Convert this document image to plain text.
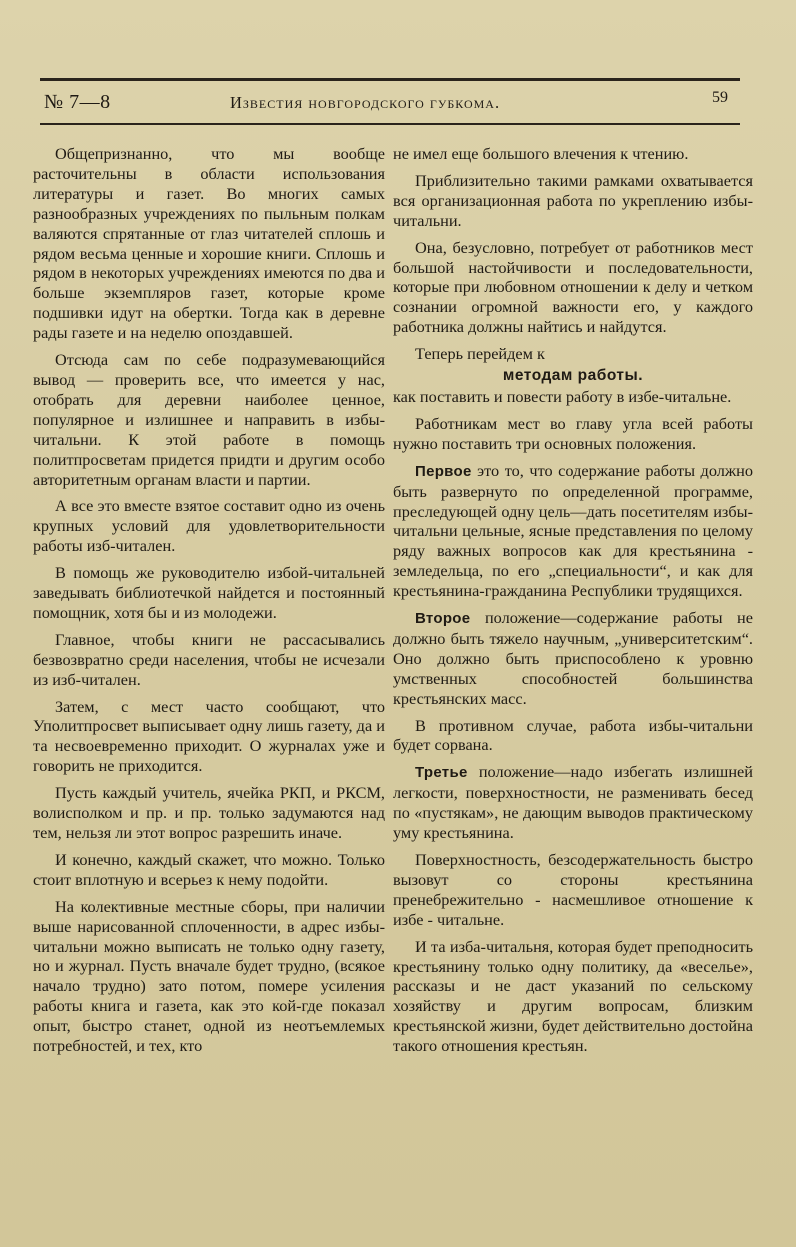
№ 7—8	Известия новгородского губкома.	59

Общепризнанно, что мы вообще расточительны в области использования литературы и газет. Во многих самых разнообразных учреждениях по пыльным полкам валяются спрятанные от глаз читателей сплошь и рядом весьма ценные и хорошие книги. Сплошь и рядом в некоторых учреждениях имеются по два и больше экземпляров газет, которые кроме подшивки идут на обертки. Тогда как в деревне рады газете и на неделю опоздавшей.

Отсюда сам по себе подразумевающийся вывод — проверить все, что имеется у нас, отобрать для деревни наиболее ценное, популярное и излишнее и направить в избы-читальни. К этой работе в помощь политпросветам придется придти и другим особо авторитетным органам власти и партии.

А все это вместе взятое составит одно из очень крупных условий для удовлетворительности работы изб-читален.

В помощь же руководителю избой-читальней заведывать библиотечкой найдется и постоянный помощник, хотя бы и из молодежи.

Главное, чтобы книги не рассасывались безвозвратно среди населения, чтобы не исчезали из изб-читален.

Затем, с мест часто сообщают, что Уполитпросвет выписывает одну лишь газету, да и та несвоевременно приходит. О журналах уже и говорить не приходится.

Пусть каждый учитель, ячейка РКП, и РКСМ, волисполком и пр. и пр. только задумаются над тем, нельзя ли этот вопрос разрешить иначе.

И конечно, каждый скажет, что можно. Только стоит вплотную и всерьез к нему подойти.

На колективные местные сборы, при наличии выше нарисованной сплоченности, в адрес избы-читальни можно выписать не только одну газету, но и журнал. Пусть вначале будет трудно, (всякое начало трудно) зато потом, помере усиления работы книга и газета, как это кой-где показал опыт, быстро станет, одной из неотъемлемых потребностей, и тех, кто

не имел еще большого влечения к чтению.

Приблизительно такими рамками охватывается вся организационная работа по укреплению избы-читальни.

Она, безусловно, потребует от работников мест большой настойчивости и последовательности, которые при любовном отношении к делу и четком сознании огромной важности его, у каждого работника должны найтись и найдутся.

Теперь перейдем к

методам работы.

как поставить и повести работу в избе-читальне.

Работникам мест во главу угла всей работы нужно поставить три основных положения.

Первое это то, что содержание работы должно быть развернуто по определенной программе, преследующей одну цель—дать посетителям избы-читальни цельные, ясные представления по целому ряду важных вопросов как для крестьянина - земледельца, по его „специальности“, и как для крестьянина-гражданина Республики трудящихся.

Второе положение—содержание работы не должно быть тяжело научным, „университетским“. Оно должно быть приспособлено к уровню умственных способностей большинства крестьянских масс.

В противном случае, работа избы-читальни будет сорвана.

Третье положение—надо избегать излишней легкости, поверхностности, не разменивать бесед по «пустякам», не дающим выводов практическому уму крестьянина.

Поверхностность, безсодержательность быстро вызовут со стороны крестьянина пренебрежительно - насмешливое отношение к избе - читальне.

И та изба-читальня, которая будет преподносить крестьянину только одну политику, да «веселье», рассказы и не даст указаний по сельскому хозяйству и другим вопросам, близким крестьянской жизни, будет действительно достойна такого отношения крестьян.
